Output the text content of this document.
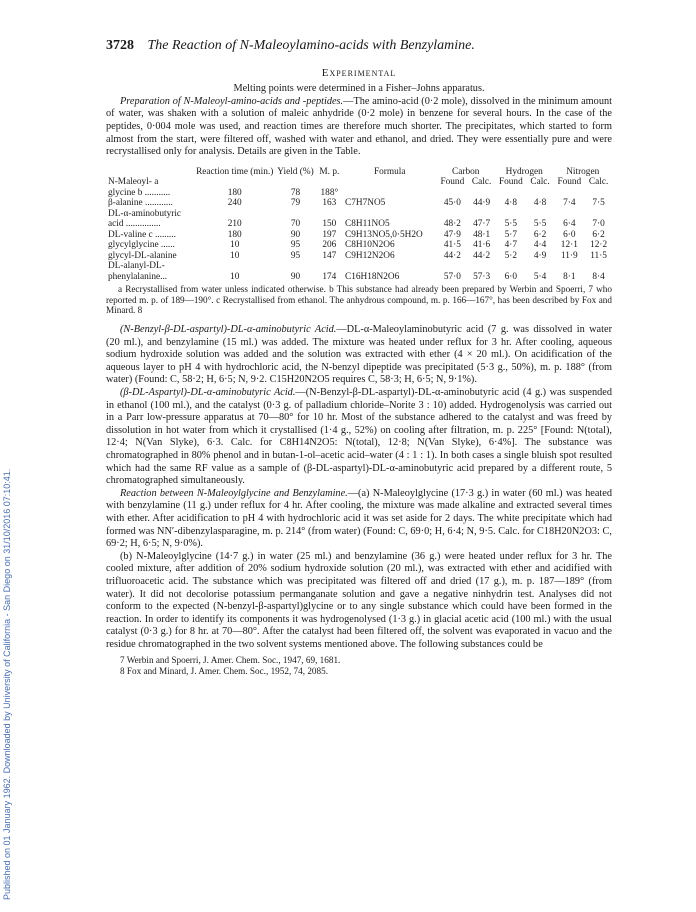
Published on 01 January 1962. Downloaded by University of California - San Diego on 31/10/2016 07:10:41.
3728 The Reaction of N-Maleoylamino-acids with Benzylamine.
Experimental

Melting points were determined in a Fisher–Johns apparatus.

Preparation of N-Maleoyl-amino-acids and -peptides.—The amino-acid (0·2 mole), dissolved in the minimum amount of water, was shaken with a solution of maleic anhydride (0·2 mole) in benzene for several hours. In the case of the peptides, 0·004 mole was used, and reaction times are therefore much shorter. The precipitates, which started to form almost from the start, were filtered off, washed with water and ethanol, and dried. They were essentially pure and were recrystallised only for analysis. Details are given in the Table.

	Reaction time (min.)	Yield (%)	M. p.	Formula	Carbon		Hydrogen		Nitrogen	
N-Maleoyl- a					Found	Calc.	Found	Calc.	Found	Calc.
glycine b ...........	180	78	188°							
β-alanine ............	240	79	163	C7H7NO5	45·0	44·9	4·8	4·8	7·4	7·5
DL-α-aminobutyric										
acid ...............	210	70	150	C8H11NO5	48·2	47·7	5·5	5·5	6·4	7·0
DL-valine c .........	180	90	197	C9H13NO5,0·5H2O	47·9	48·1	5·7	6·2	6·0	6·2
glycylglycine ......	10	95	206	C8H10N2O6	41·5	41·6	4·7	4·4	12·1	12·2
glycyl-DL-alanine	10	95	147	C9H12N2O6	44·2	44·2	5·2	4·9	11·9	11·5
DL-alanyl-DL-										
phenylalanine...	10	90	174	C16H18N2O6	57·0	57·3	6·0	5·4	8·1	8·4

a Recrystallised from water unless indicated otherwise. b This substance had already been prepared by Werbin and Spoerri, 7 who reported m. p. of 189—190°. c Recrystallised from ethanol. The anhydrous compound, m. p. 166—167°, has been described by Fox and Minard. 8

(N-Benzyl-β-DL-aspartyl)-DL-α-aminobutyric Acid.—DL-α-Maleoylaminobutyric acid (7 g. was dissolved in water (20 ml.), and benzylamine (15 ml.) was added. The mixture was heated under reflux for 3 hr. After cooling, aqueous sodium hydroxide solution was added and the solution was extracted with ether (4 × 20 ml.). On acidification of the aqueous layer to pH 4 with hydrochloric acid, the N-benzyl dipeptide was precipitated (5·3 g., 50%), m. p. 188° (from water) (Found: C, 58·2; H, 6·5; N, 9·2. C15H20N2O5 requires C, 58·3; H, 6·5; N, 9·1%).

(β-DL-Aspartyl)-DL-α-aminobutyric Acid.—(N-Benzyl-β-DL-aspartyl)-DL-α-aminobutyric acid (4 g.) was suspended in ethanol (100 ml.), and the catalyst (0·3 g. of palladium chloride–Norite 3 : 10) added. Hydrogenolysis was carried out in a Parr low-pressure apparatus at 70—80° for 10 hr. Most of the substance adhered to the catalyst and was freed by dissolution in hot water from which it crystallised (1·4 g., 52%) on cooling after filtration, m. p. 225° [Found: N(total), 12·4; N(Van Slyke), 6·3. Calc. for C8H14N2O5: N(total), 12·8; N(Van Slyke), 6·4%]. The substance was chromatographed in 80% phenol and in butan-1-ol–acetic acid–water (4 : 1 : 1). In both cases a single bluish spot resulted which had the same RF value as a sample of (β-DL-aspartyl)-DL-α-aminobutyric acid prepared by a different route, 5 chromatographed simultaneously.

Reaction between N-Maleoylglycine and Benzylamine.—(a) N-Maleoylglycine (17·3 g.) in water (60 ml.) was heated with benzylamine (11 g.) under reflux for 4 hr. After cooling, the mixture was made alkaline and extracted several times with ether. After acidification to pH 4 with hydrochloric acid it was set aside for 2 days. The white precipitate which had formed was NN′-dibenzylasparagine, m. p. 214° (from water) (Found: C, 69·0; H, 6·4; N, 9·5. Calc. for C18H20N2O3: C, 69·2; H, 6·5; N, 9·0%).

(b) N-Maleoylglycine (14·7 g.) in water (25 ml.) and benzylamine (36 g.) were heated under reflux for 3 hr. The cooled mixture, after addition of 20% sodium hydroxide solution (20 ml.), was extracted with ether and acidified with trifluoroacetic acid. The substance which was precipitated was filtered off and dried (17 g.), m. p. 187—189° (from water). It did not decolorise potassium permanganate solution and gave a negative ninhydrin test. Analyses did not conform to the expected (N-benzyl-β-aspartyl)glycine or to any single substance which could have been formed in the reaction. In order to identify its components it was hydrogenolysed (1·3 g.) in glacial acetic acid (100 ml.) with the usual catalyst (0·3 g.) for 8 hr. at 70—80°. After the catalyst had been filtered off, the solvent was evaporated in vacuo and the residue chromatographed in the two solvent systems mentioned above. The following substances could be

7 Werbin and Spoerri, J. Amer. Chem. Soc., 1947, 69, 1681.
8 Fox and Minard, J. Amer. Chem. Soc., 1952, 74, 2085.
